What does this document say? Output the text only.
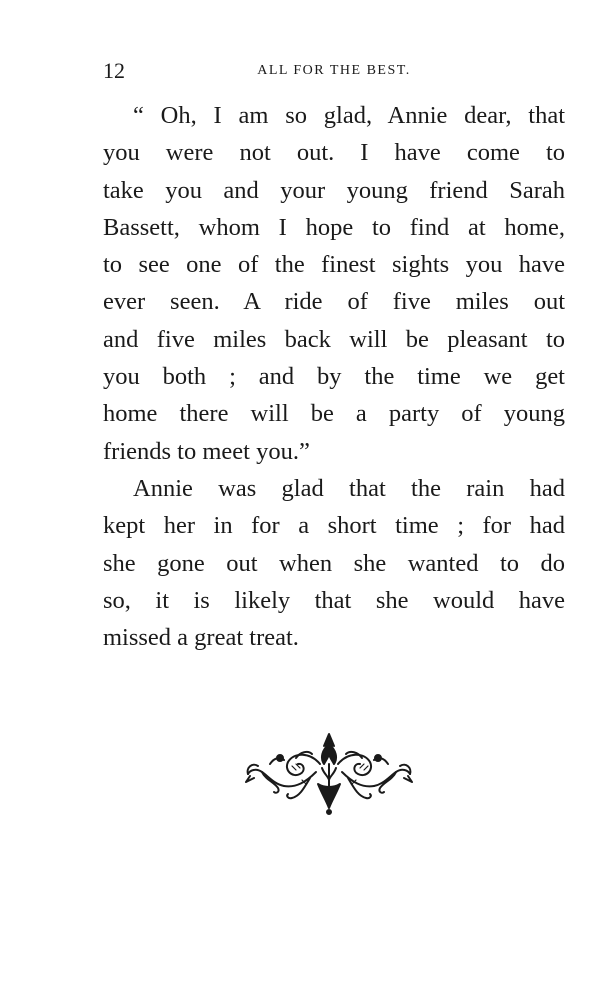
12	ALL FOR THE BEST.
“ Oh, I am so glad, Annie dear, that
you were not out. I have come to
take you and your young friend Sarah
Bassett, whom I hope to find at home,
to see one of the finest sights you have
ever seen. A ride of five miles out
and five miles back will be pleasant to
you both ; and by the time we get
home there will be a party of young
friends to meet you.”
Annie was glad that the rain had
kept her in for a short time ; for had
she gone out when she wanted to do
so, it is likely that she would have
missed a great treat.
